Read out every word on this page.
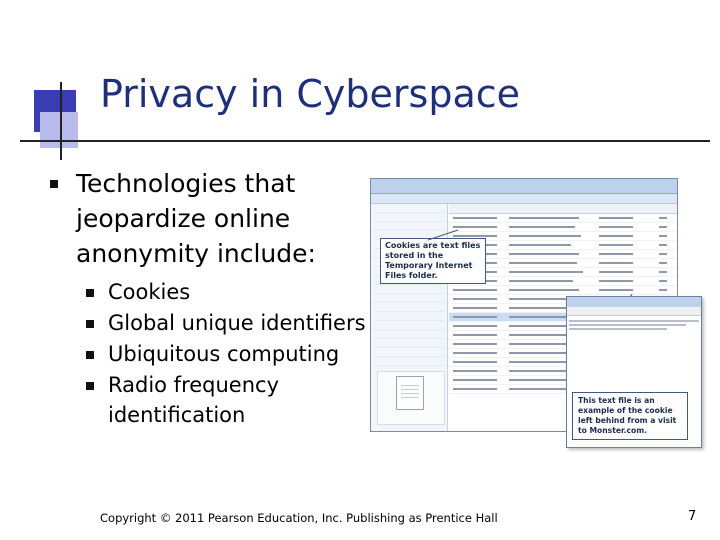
Privacy in Cyberspace
Technologies that jeopardize online anonymity include:
Cookies
Global unique identifiers
Ubiquitous computing
Radio frequency identification
Cookies are text files stored in the Temporary Internet Files folder.
This text file is an example of the cookie left behind from a visit to Monster.com.
Copyright © 2011 Pearson Education, Inc. Publishing as Prentice Hall	7
